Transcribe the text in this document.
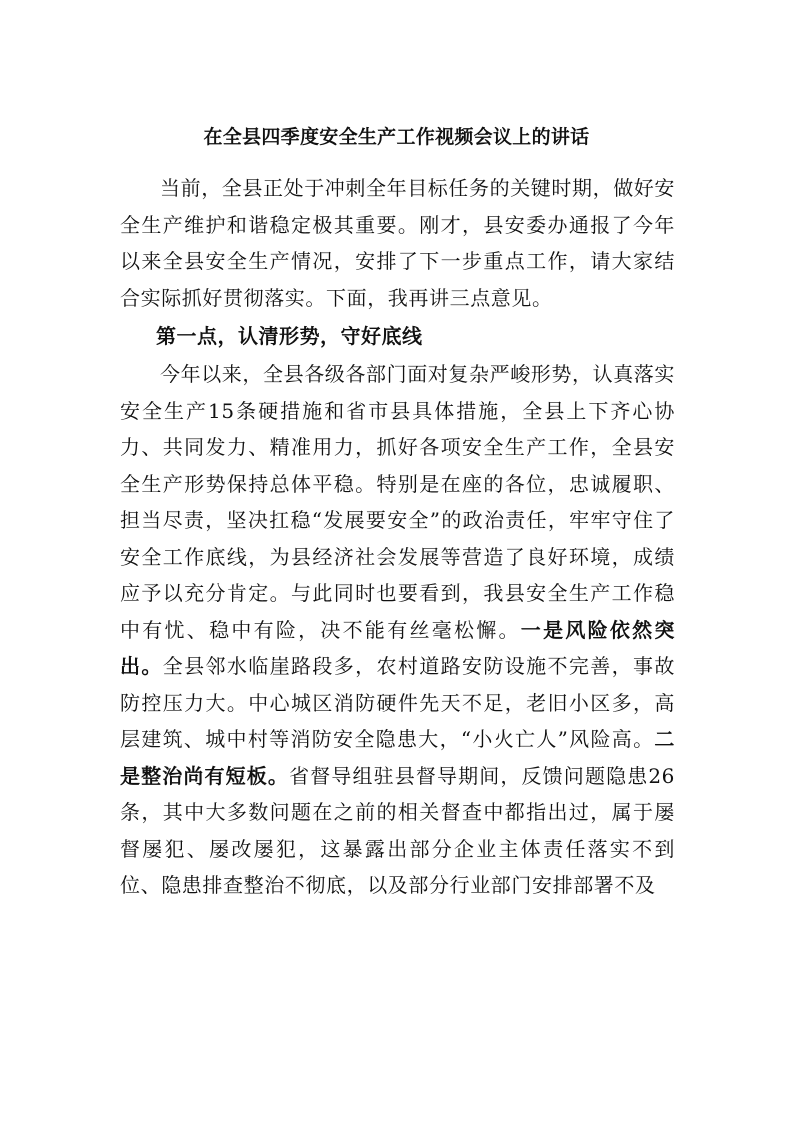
在全县四季度安全生产工作视频会议上的讲话

当前，全县正处于冲刺全年目标任务的关键时期，做好安全生产维护和谐稳定极其重要。刚才，县安委办通报了今年以来全县安全生产情况，安排了下一步重点工作，请大家结合实际抓好贯彻落实。下面，我再讲三点意见。

第一点，认清形势，守好底线

今年以来，全县各级各部门面对复杂严峻形势，认真落实安全生产15条硬措施和省市县具体措施，全县上下齐心协力、共同发力、精准用力，抓好各项安全生产工作，全县安全生产形势保持总体平稳。特别是在座的各位，忠诚履职、担当尽责，坚决扛稳“发展要安全”的政治责任，牢牢守住了安全工作底线，为县经济社会发展等营造了良好环境，成绩应予以充分肯定。与此同时也要看到，我县安全生产工作稳中有忧、稳中有险，决不能有丝毫松懈。一是风险依然突出。全县邻水临崖路段多，农村道路安防设施不完善，事故防控压力大。中心城区消防硬件先天不足，老旧小区多，高层建筑、城中村等消防安全隐患大，“小火亡人”风险高。二是整治尚有短板。省督导组驻县督导期间，反馈问题隐患26条，其中大多数问题在之前的相关督查中都指出过，属于屡督屡犯、屡改屡犯，这暴露出部分企业主体责任落实不到位、隐患排查整治不彻底，以及部分行业部门安排部署不及
